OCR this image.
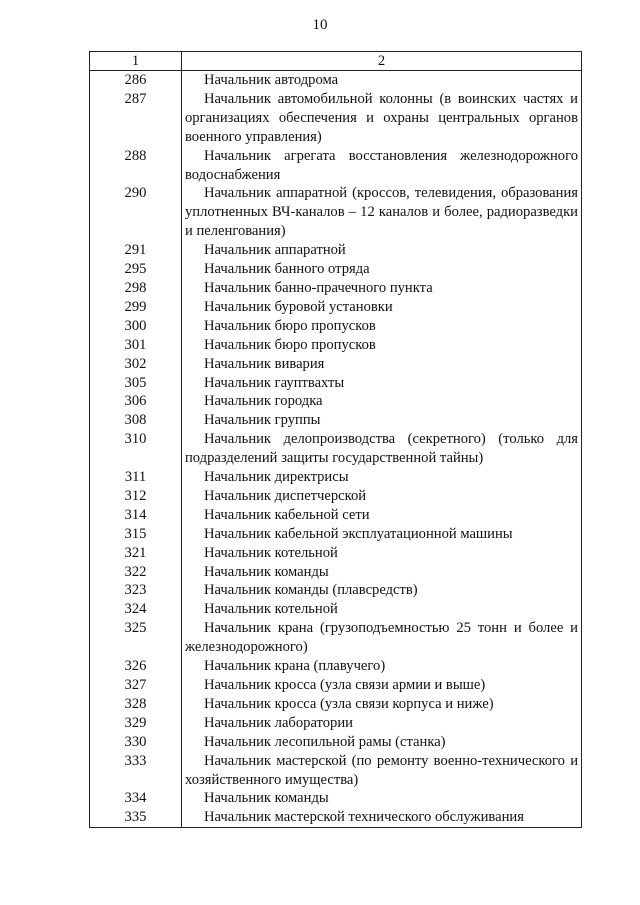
10
1	2
286	Начальник автодрома
287	Начальник автомобильной колонны (в воинских частях и организациях обеспечения и охраны центральных органов военного управления)
288	Начальник агрегата восстановления железнодорожного водоснабжения
290	Начальник аппаратной (кроссов, телевидения, образования уплотненных ВЧ-каналов – 12 каналов и более, радиоразведки и пеленгования)
291	Начальник аппаратной
295	Начальник банного отряда
298	Начальник банно-прачечного пункта
299	Начальник буровой установки
300	Начальник бюро пропусков
301	Начальник бюро пропусков
302	Начальник вивария
305	Начальник гауптвахты
306	Начальник городка
308	Начальник группы
310	Начальник делопроизводства (секретного) (только для подразделений защиты государственной тайны)
311	Начальник директрисы
312	Начальник диспетчерской
314	Начальник кабельной сети
315	Начальник кабельной эксплуатационной машины
321	Начальник котельной
322	Начальник команды
323	Начальник команды (плавсредств)
324	Начальник котельной
325	Начальник крана (грузоподъемностью 25 тонн и более и железнодорожного)
326	Начальник крана (плавучего)
327	Начальник кросса (узла связи армии и выше)
328	Начальник кросса (узла связи корпуса и ниже)
329	Начальник лаборатории
330	Начальник лесопильной рамы (станка)
333	Начальник мастерской (по ремонту военно-технического и хозяйственного имущества)
334	Начальник команды
335	Начальник мастерской технического обслуживания
